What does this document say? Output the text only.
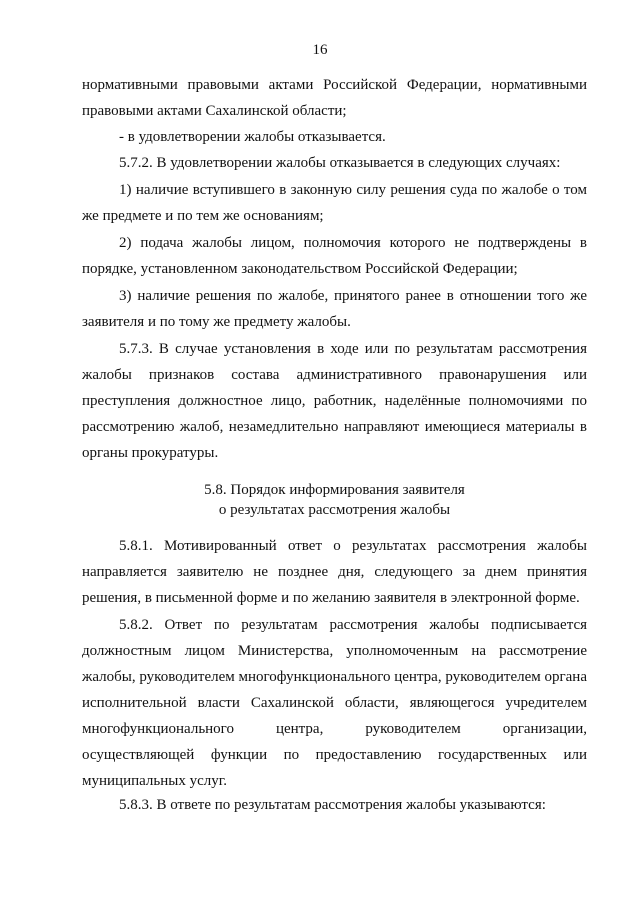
16
нормативными правовыми актами Российской Федерации, нормативными правовыми актами Сахалинской области;
- в удовлетворении жалобы отказывается.
5.7.2. В удовлетворении жалобы отказывается в следующих случаях:
1) наличие вступившего в законную силу решения суда по жалобе о том же предмете и по тем же основаниям;
2) подача жалобы лицом, полномочия которого не подтверждены в порядке, установленном законодательством Российской Федерации;
3) наличие решения по жалобе, принятого ранее в отношении того же заявителя и по тому же предмету жалобы.
5.7.3. В случае установления в ходе или по результатам рассмотрения жалобы признаков состава административного правонарушения или преступления должностное лицо, работник, наделённые полномочиями по рассмотрению жалоб, незамедлительно направляют имеющиеся материалы в органы прокуратуры.
5.8. Порядок информирования заявителя
о результатах рассмотрения жалобы
5.8.1. Мотивированный ответ о результатах рассмотрения жалобы направляется заявителю не позднее дня, следующего за днем принятия решения, в письменной форме и по желанию заявителя в электронной форме.
5.8.2. Ответ по результатам рассмотрения жалобы подписывается должностным лицом Министерства, уполномоченным на рассмотрение жалобы, руководителем многофункционального центра, руководителем органа исполнительной власти Сахалинской области, являющегося учредителем многофункционального центра, руководителем организации, осуществляющей функции по предоставлению государственных или муниципальных услуг.
5.8.3. В ответе по результатам рассмотрения жалобы указываются:
